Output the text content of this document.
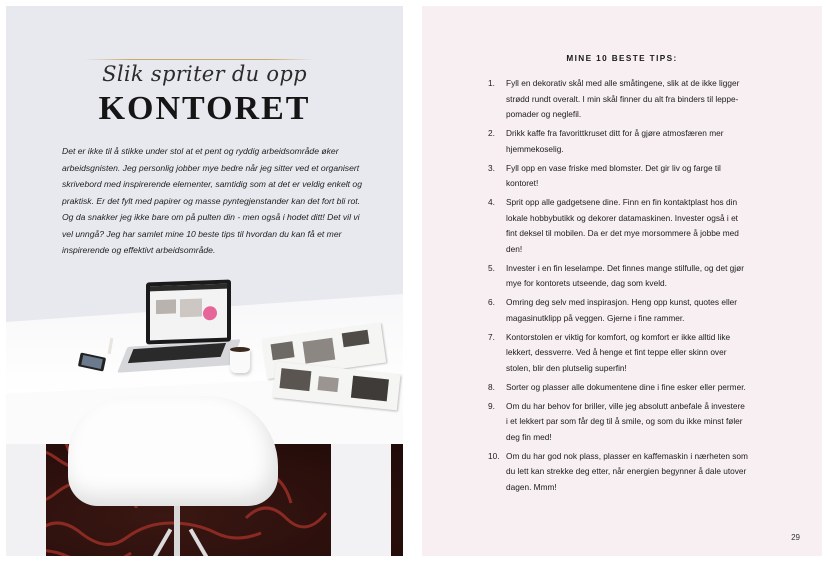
Slik spriter du opp
KONTORET

Det er ikke til å stikke under stol at et pent og ryddig arbeidsområde øker arbeidsgnisten. Jeg personlig jobber mye bedre når jeg sitter ved et organisert skrivebord med inspirerende elementer, samtidig som at det er veldig enkelt og praktisk. Er det fylt med papirer og masse pyntegjenstander kan det fort bli rot. Og da snakker jeg ikke bare om på pulten din - men også i hodet ditt! Det vil vi vel unngå? Jeg har samlet mine 10 beste tips til hvordan du kan få et mer inspirerende og effektivt arbeidsområde.

MINE 10 BESTE TIPS:
1. Fyll en dekorativ skål med alle småtingene, slik at de ikke ligger strødd rundt overalt. I min skål finner du alt fra binders til leppe-pomader og neglefil.
2. Drikk kaffe fra favorittkruset ditt for å gjøre atmosfæren mer hjemmekoselig.
3. Fyll opp en vase friske med blomster. Det gir liv og farge til kontoret!
4. Sprit opp alle gadgetsene dine. Finn en fin kontaktplast hos din lokale hobbybutikk og dekorer datamaskinen. Invester også i et fint deksel til mobilen. Da er det mye morsommere å jobbe med den!
5. Invester i en fin leselampe. Det finnes mange stilfulle, og det gjør mye for kontorets utseende, dag som kveld.
6. Omring deg selv med inspirasjon. Heng opp kunst, quotes eller magasinutklipp på veggen. Gjerne i fine rammer.
7. Kontorstolen er viktig for komfort, og komfort er ikke alltid like lekkert, dessverre. Ved å henge et fint teppe eller skinn over stolen, blir den plutselig superfin!
8. Sorter og plasser alle dokumentene dine i fine esker eller permer.
9. Om du har behov for briller, ville jeg absolutt anbefale å investere i et lekkert par som får deg til å smile, og som du ikke minst føler deg fin med!
10. Om du har god nok plass, plasser en kaffemaskin i nærheten som du lett kan strekke deg etter, når energien begynner å dale utover dagen. Mmm!
29
